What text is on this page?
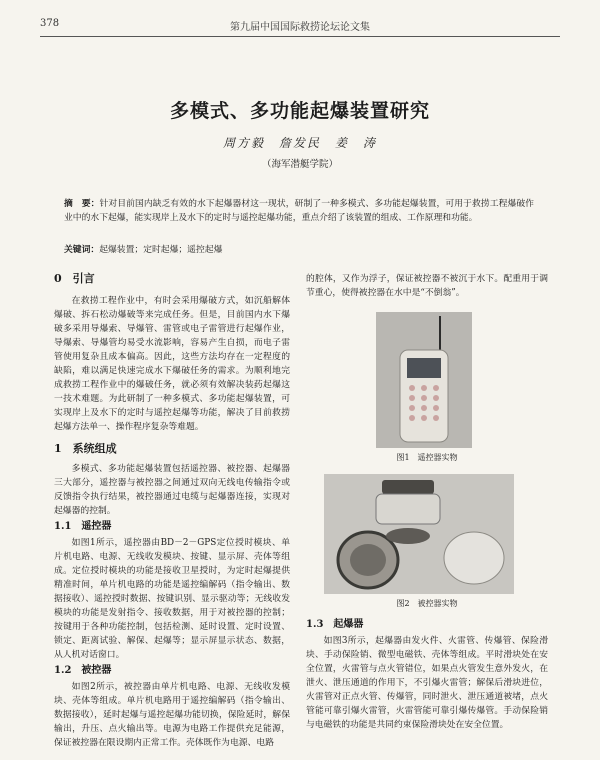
378	第九届中国国际救捞论坛论文集
多模式、多功能起爆装置研究
周方毅　詹发民　姜　涛
（海军潜艇学院）
摘　要：针对目前国内缺乏有效的水下起爆器材这一现状，研制了一种多模式、多功能起爆装置，可用于救捞工程爆破作业中的水下起爆，能实现岸上及水下的定时与遥控起爆功能，重点介绍了该装置的组成、工作原理和功能。
关键词：起爆装置；定时起爆；遥控起爆
0　引言

在救捞工程作业中，有时会采用爆破方式，如沉船解体爆破、拆石松动爆破等来完成任务。但是，目前国内水下爆破多采用导爆索、导爆管、雷管或电子雷管进行起爆作业，导爆索、导爆管均易受水流影响，容易产生自损，而电子雷管使用复杂且成本偏高。因此，这些方法均存在一定程度的缺陷，难以满足快速完成水下爆破任务的需求。为顺利地完成救捞工程作业中的爆破任务，就必须有效解决装药起爆这一技术难题。为此研制了一种多模式、多功能起爆装置，可实现岸上及水下的定时与遥控起爆等功能，解决了目前救捞起爆方法单一、操作程序复杂等难题。

1　系统组成

多模式、多功能起爆装置包括遥控器、被控器、起爆器三大部分，遥控器与被控器之间通过双向无线电传输指令或反馈指令执行结果，被控器通过电缆与起爆器连接，实现对起爆器的控制。

1.1　遥控器

如图1所示，遥控器由BD－2－GPS定位授时模块、单片机电路、电源、无线收发模块、按键、显示屏、壳体等组成。定位授时模块的功能是接收卫星授时，为定时起爆提供精准时间，单片机电路的功能是遥控编解码（指令输出、数据接收）、遥控授时数据、按键识别、显示驱动等；无线收发模块的功能是发射指令、接收数据，用于对被控器的控制；按键用于各种功能控制，包括检测、延时设置、定时设置、锁定、距离试验、解保、起爆等；显示屏显示状态、数据，从人机对话窗口。

1.2　被控器

如图2所示，被控器由单片机电路、电源、无线收发模块、壳体等组成。单片机电路用于遥控编解码（指令输出、数据接收），延时起爆与遥控起爆功能切换，保险延时，解保输出，升压、点火输出等。电源为电路工作提供充足能源，保证被控器在限设期内正常工作。壳体既作为电源、电路

的腔体，又作为浮子，保证被控器不被沉于水下。配重用于调节重心，使得被控器在水中是“不倒翁”。

图1　遥控器实物
图2　被控器实物
1.3　起爆器

如图3所示，起爆器由发火件、火雷管、传爆管、保险滑块、手动保险销、微型电磁铁、壳体等组成。平时滑块处在安全位置，火雷管与点火管错位，如果点火管发生意外发火，在泄火、泄压通道的作用下，不引爆火雷管；解保后滑块进位，火雷管对正点火管、传爆管，同时泄火、泄压通道被堵，点火管能可靠引爆火雷管，火雷管能可靠引爆传爆管。手动保险销与电磁铁的功能是共同约束保险滑块处在安全位置。
